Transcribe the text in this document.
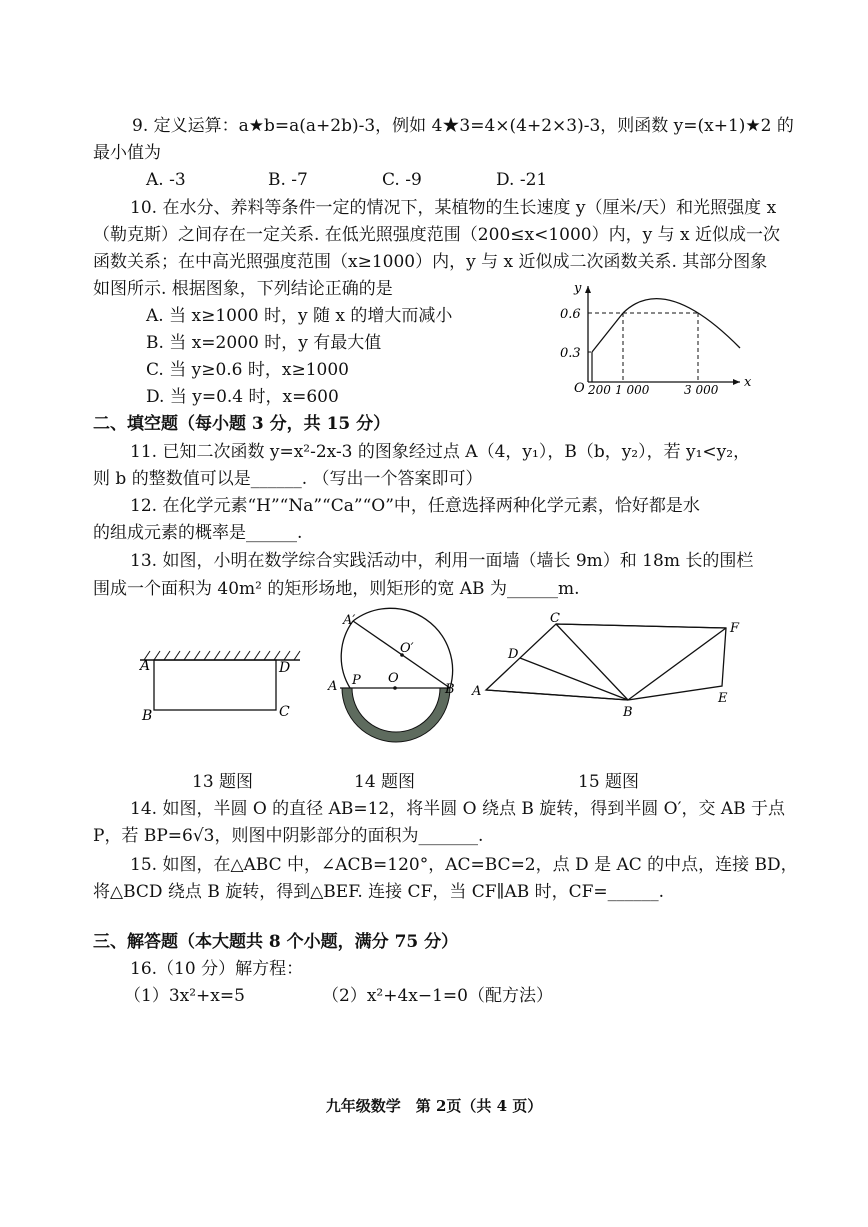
9. 定义运算：a★b=a(a+2b)-3，例如 4★3=4×(4+2×3)-3，则函数 y=(x+1)★2 的
最小值为
A. -3	B. -7	C. -9	D. -21
10. 在水分、养料等条件一定的情况下，某植物的生长速度 y（厘米/天）和光照强度 x
（勒克斯）之间存在一定关系. 在低光照强度范围（200≤x<1000）内，y 与 x 近似成一次
函数关系；在中高光照强度范围（x≥1000）内，y 与 x 近似成二次函数关系. 其部分图象
如图所示. 根据图象，下列结论正确的是
A. 当 x≥1000 时，y 随 x 的增大而减小
B. 当 x=2000 时，y 有最大值
C. 当 y≥0.6 时，x≥1000
D. 当 y=0.4 时，x=600
y
x
O
0.6
0.3
200 1 000	3 000
二、填空题（每小题 3 分，共 15 分）
11. 已知二次函数 y=x²-2x-3 的图象经过点 A（4，y₁），B（b，y₂），若 y₁<y₂，
则 b 的整数值可以是______. （写出一个答案即可）
12. 在化学元素“H”“Na”“Ca”“O”中，任意选择两种化学元素，恰好都是水
的组成元素的概率是______.
13. 如图，小明在数学综合实践活动中，利用一面墙（墙长 9m）和 18m 长的围栏
围成一个面积为 40m² 的矩形场地，则矩形的宽 AB 为______m.
A	D
B	C
A′
O′
A P O
B
C
F
D
A
B
E
13 题图	14 题图	15 题图
14. 如图，半圆 O 的直径 AB=12，将半圆 O 绕点 B 旋转，得到半圆 O′，交 AB 于点
P，若 BP=6√3，则图中阴影部分的面积为_______.
15. 如图，在△ABC 中，∠ACB=120°，AC=BC=2，点 D 是 AC 的中点，连接 BD，
将△BCD 绕点 B 旋转，得到△BEF. 连接 CF，当 CF∥AB 时，CF=______.
三、解答题（本大题共 8 个小题，满分 75 分）
16.（10 分）解方程：
（1）3x²+x=5	（2）x²+4x−1=0（配方法）
九年级数学　第 2页（共 4 页）
